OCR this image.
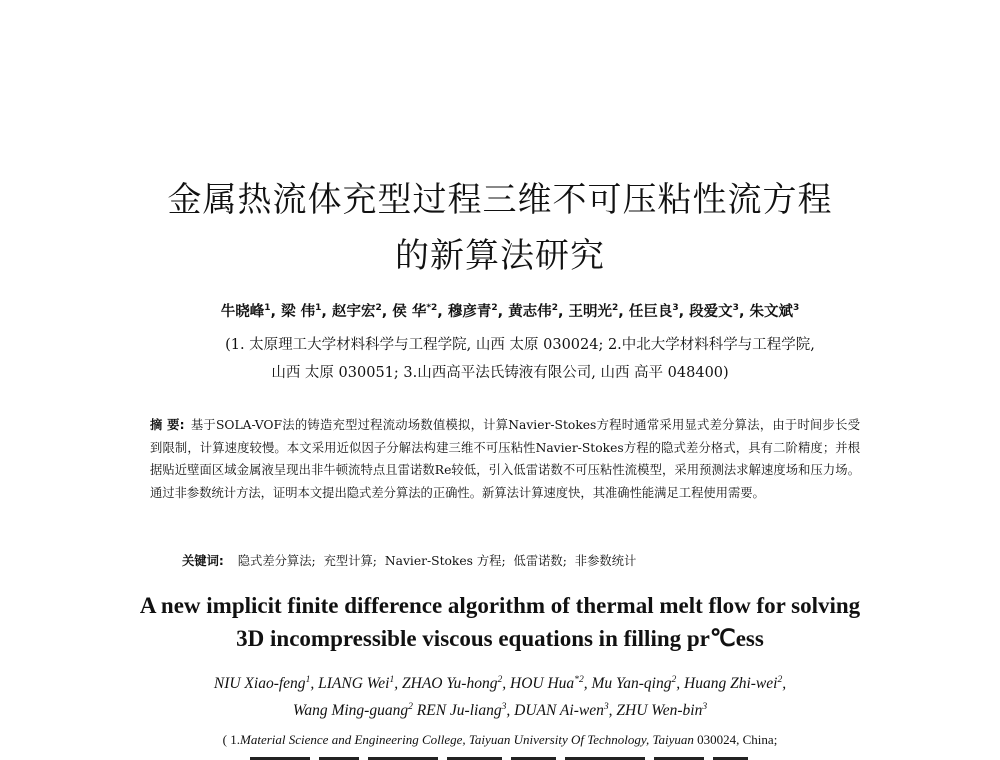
金属热流体充型过程三维不可压粘性流方程
的新算法研究
牛晓峰$^1$, 梁 伟$^1$, 赵宇宏$^2$, 侯 华$^{*2}$, 穆彦青$^2$, 黄志伟$^2$, 王明光$^2$, 任巨良$^3$, 段爱文$^3$, 朱文斌$^3$
(1. 太原理工大学材料科学与工程学院, 山西 太原 030024; 2.中北大学材料科学与工程学院,
山西 太原 030051; 3.山西高平法氏铸液有限公司, 山西 高平 048400)
摘 要: 基于SOLA-VOF法的铸造充型过程流动场数值模拟，计算Navier-Stokes方程时通常采用显式差分算法，由于时间步长受到限制，计算速度较慢。本文采用近似因子分解法构建三维不可压粘性Navier-Stokes方程的隐式差分格式，具有二阶精度；并根据贴近壁面区域金属液呈现出非牛顿流特点且雷诺数Re较低，引入低雷诺数不可压粘性流模型，采用预测法求解速度场和压力场。通过非参数统计方法，证明本文提出隐式差分算法的正确性。新算法计算速度快，其准确性能满足工程使用需要。
关键词: 隐式差分算法; 充型计算; Navier-Stokes 方程; 低雷诺数; 非参数统计
A new implicit finite difference algorithm of thermal melt flow for solving
3D incompressible viscous equations in filling pr℃ess
NIU Xiao-feng$^1$, LIANG Wei$^1$, ZHAO Yu-hong$^2$, HOU Hua$^{*2}$, Mu Yan-qing$^2$, Huang Zhi-wei$^2$,
Wang Ming-guang$^2$ REN Ju-liang$^3$, DUAN Ai-wen$^3$, ZHU Wen-bin$^3$
( 1.Material Science and Engineering College, Taiyuan University Of Technology, Taiyuan 030024, China;
